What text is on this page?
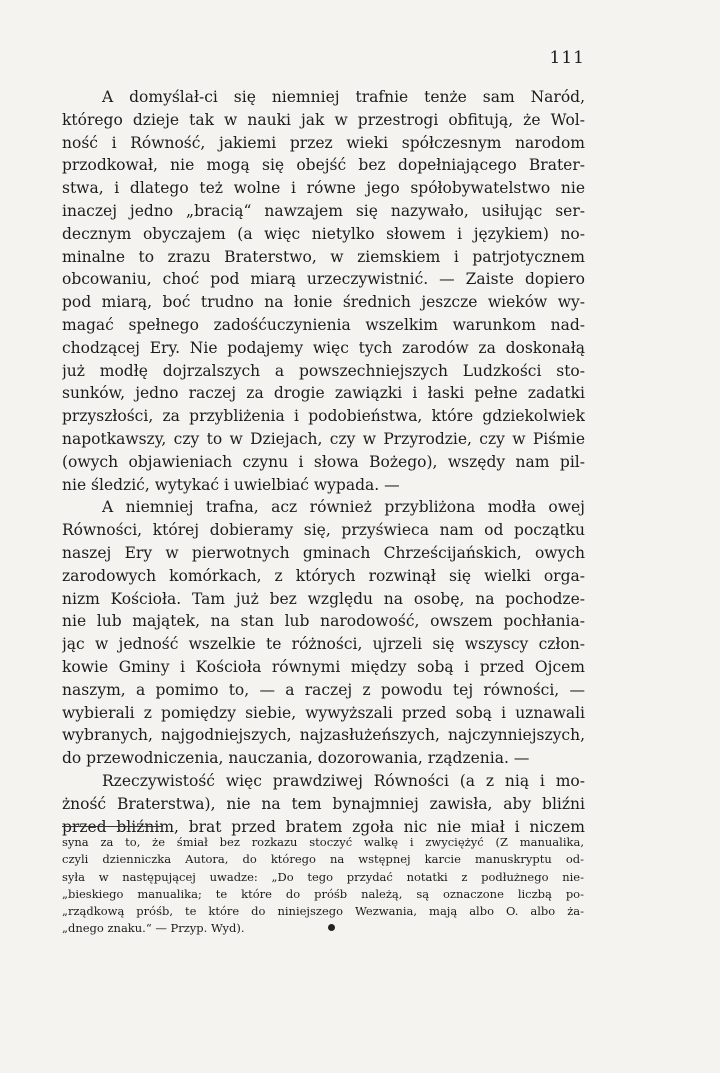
111
A domyślał-ci się niemniej trafnie tenże sam Naród,
którego dzieje tak w nauki jak w przestrogi obfitują, że Wol-
ność i Równość, jakiemi przez wieki spółczesnym narodom
przodkował, nie mogą się obejść bez dopełniającego Brater-
stwa, i dlatego też wolne i równe jego spółobywatelstwo nie
inaczej jedno „bracią“ nawzajem się nazywało, usiłując ser-
decznym obyczajem (a więc nietylko słowem i językiem) no-
minalne to zrazu Braterstwo, w ziemskiem i patrjotycznem
obcowaniu, choć pod miarą urzeczywistnić. — Zaiste dopiero
pod miarą, boć trudno na łonie średnich jeszcze wieków wy-
magać spełnego zadośćuczynienia wszelkim warunkom nad-
chodzącej Ery. Nie podajemy więc tych zarodów za doskonałą
już modłę dojrzalszych a powszechniejszych Ludzkości sto-
sunków, jedno raczej za drogie zawiązki i łaski pełne zadatki
przyszłości, za przybliżenia i podobieństwa, które gdziekolwiek
napotkawszy, czy to w Dziejach, czy w Przyrodzie, czy w Piśmie
(owych objawieniach czynu i słowa Bożego), wszędy nam pil-
nie śledzić, wytykać i uwielbiać wypada. —
A niemniej trafna, acz również przybliżona modła owej
Równości, której dobieramy się, przyświeca nam od początku
naszej Ery w pierwotnych gminach Chrześcijańskich, owych
zarodowych komórkach, z których rozwinął się wielki orga-
nizm Kościoła. Tam już bez względu na osobę, na pochodze-
nie lub majątek, na stan lub narodowość, owszem pochłania-
jąc w jedność wszelkie te różności, ujrzeli się wszyscy człon-
kowie Gminy i Kościoła równymi między sobą i przed Ojcem
naszym, a pomimo to, — a raczej z powodu tej równości, —
wybierali z pomiędzy siebie, wywyższali przed sobą i uznawali
wybranych, najgodniejszych, najzasłużeńszych, najczynniejszych,
do przewodniczenia, nauczania, dozorowania, rządzenia. —
Rzeczywistość więc prawdziwej Równości (a z nią i mo-
żność Braterstwa), nie na tem bynajmniej zawisła, aby bliźni
przed bliźnim, brat przed bratem zgoła nic nie miał i niczem
syna za to, że śmiał bez rozkazu stoczyć walkę i zwyciężyć (Z manualika,
czyli dzienniczka Autora, do którego na wstępnej karcie manuskryptu od-
syła w następującej uwadze: „Do tego przydać notatki z podłużnego nie-
„bieskiego manualika; te które do próśb należą, są oznaczone liczbą po-
„rządkową próśb, te które do niniejszego Wezwania, mają albo O. albo ża-
„dnego znaku.“ — Przyp. Wyd).
